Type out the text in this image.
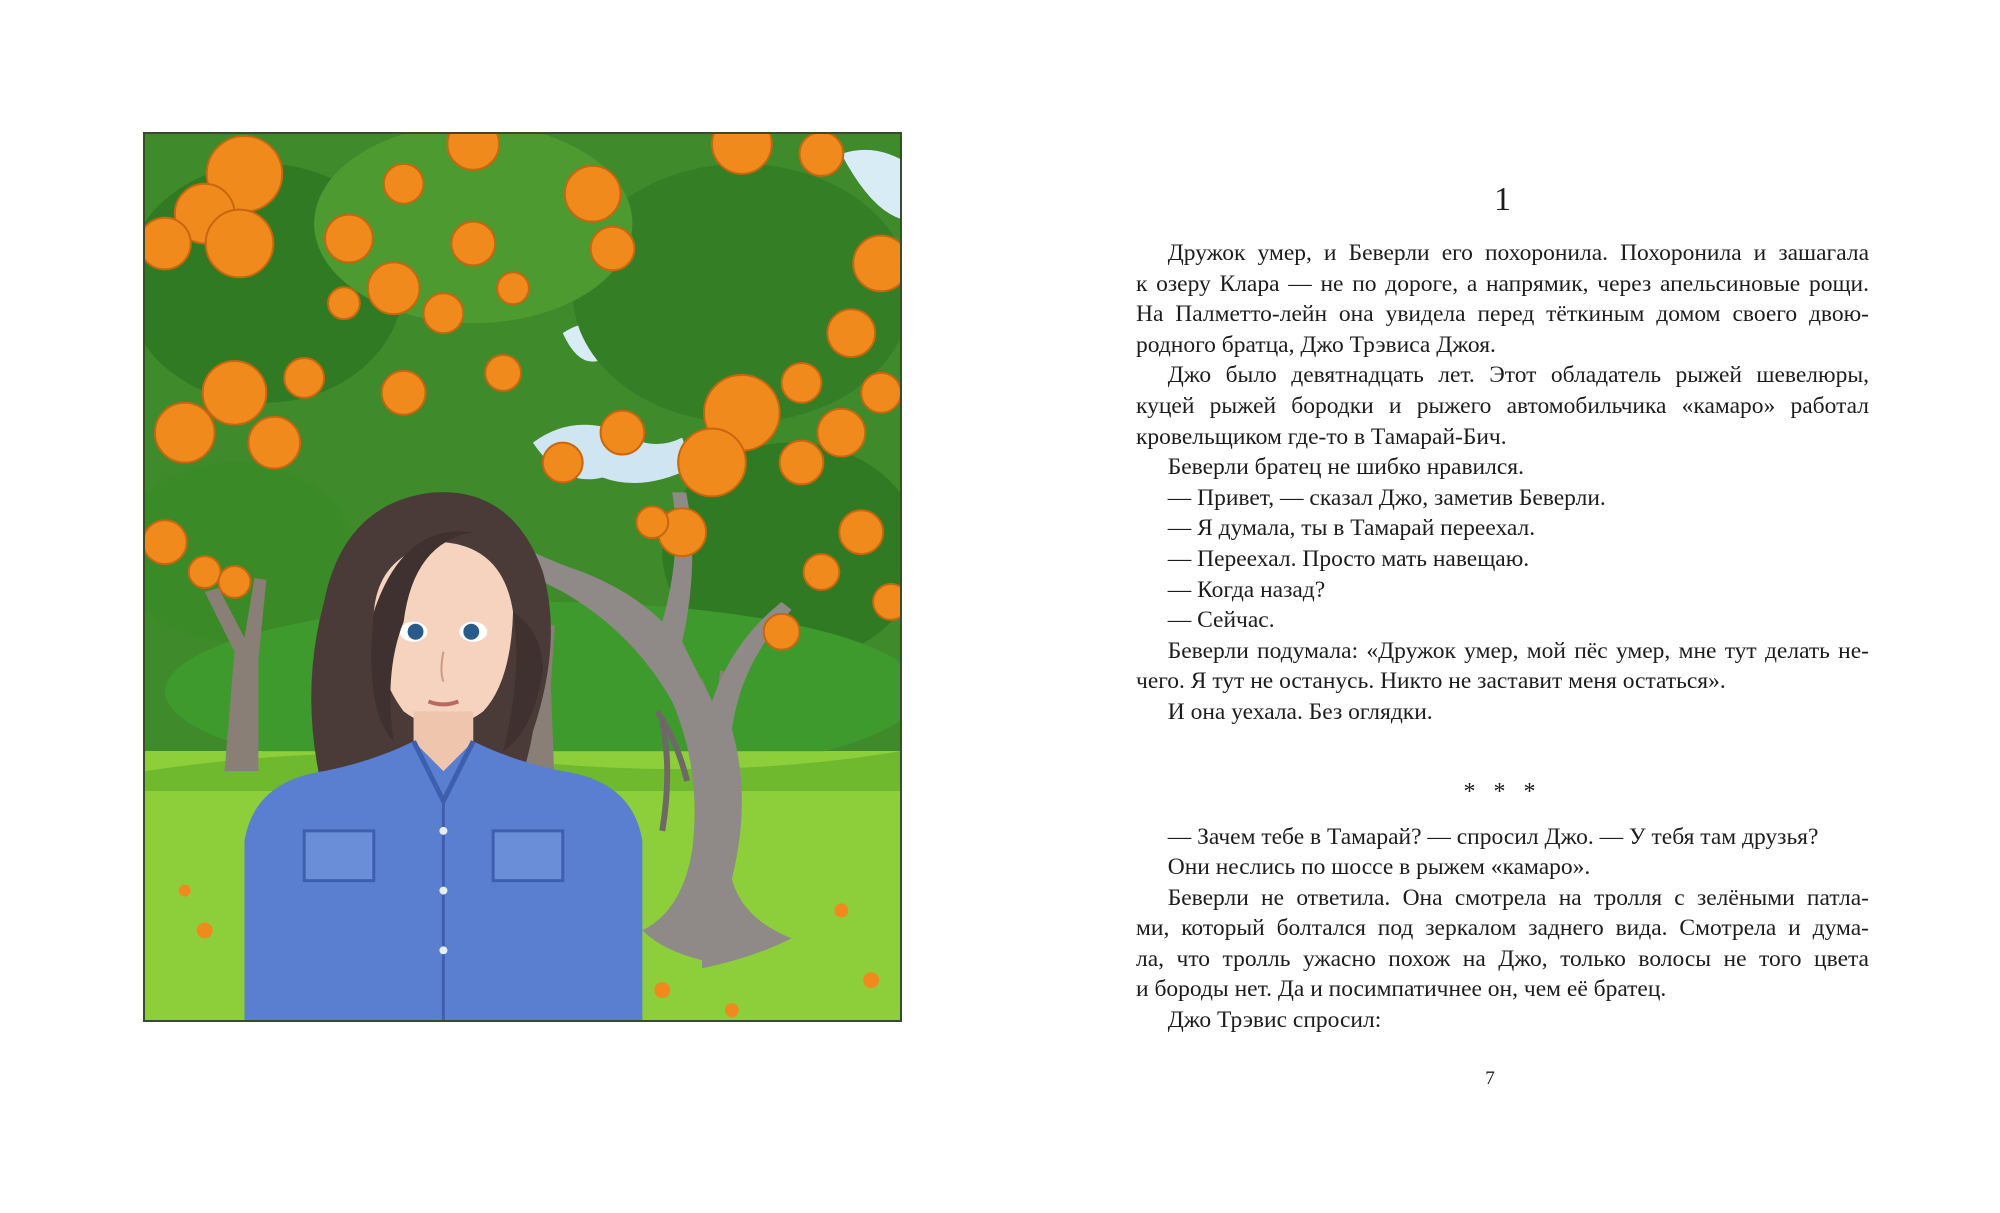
1

Дружок умер, и Беверли его похоронила. Похоронила и зашагала
к озеру Клара — не по дороге, а напрямик, через апельсиновые рощи.
На Палметто-лейн она увидела перед тёткиным домом своего двою-
родного братца, Джо Трэвиса Джоя.

Джо было девятнадцать лет. Этот обладатель рыжей шевелюры,
куцей рыжей бородки и рыжего автомобильчика «камаро» работал
кровельщиком где-то в Тамарай-Бич.

Беверли братец не шибко нравился.

— Привет, — сказал Джо, заметив Беверли.

— Я думала, ты в Тамарай переехал.

— Переехал. Просто мать навещаю.

— Когда назад?

— Сейчас.

Беверли подумала: «Дружок умер, мой пёс умер, мне тут делать не-
чего. Я тут не останусь. Никто не заставит меня остаться».

И она уехала. Без оглядки.

* * *

— Зачем тебе в Тамарай? — спросил Джо. — У тебя там друзья?

Они неслись по шоссе в рыжем «камаро».

Беверли не ответила. Она смотрела на тролля с зелёными патла-
ми, который болтался под зеркалом заднего вида. Смотрела и дума-
ла, что тролль ужасно похож на Джо, только волосы не того цвета
и бороды нет. Да и посимпатичнее он, чем её братец.

Джо Трэвис спросил:

7
